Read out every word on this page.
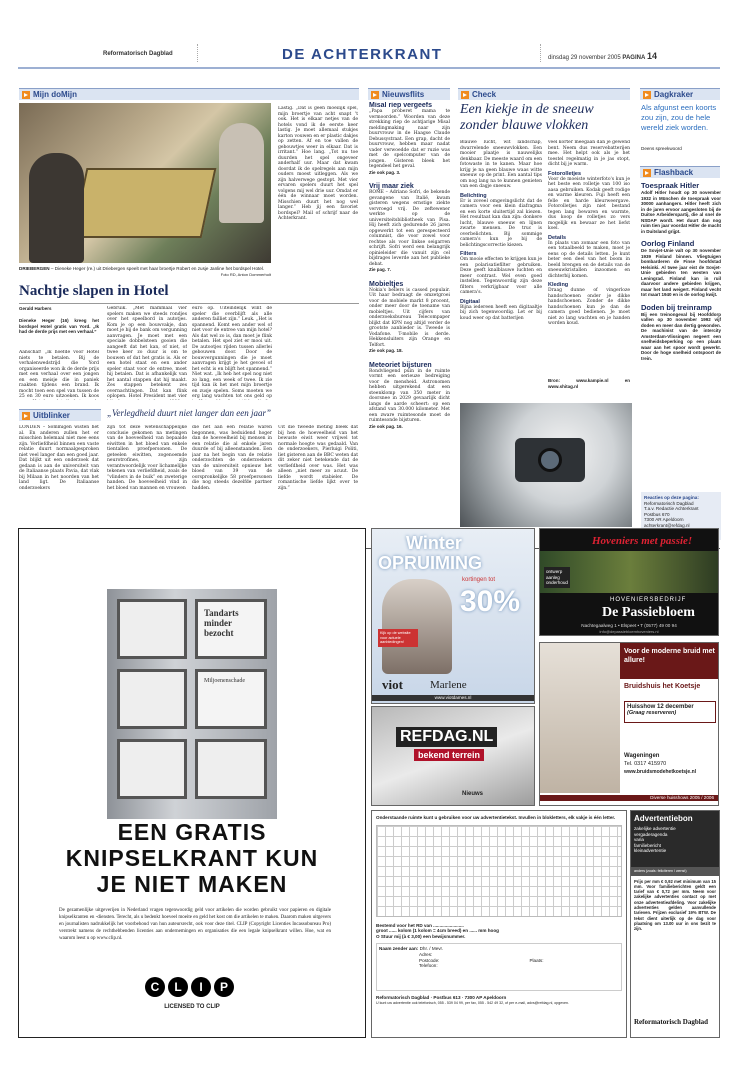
Reformatorisch Dagblad	DE ACHTERKRANT	dinsdag 29 november 2005 PAGINA 14
Mijn doMijn
DRIEBERGEN – Dieneke Heger (re.) uit Driebergen speelt met haar broertje Robert en zusje Janline het bordspel Hotel.
Foto RD, Anton Dommerholt
Nachtje slapen in Hotel
Gerald Harbers
Dieneke Heger (16) kreeg het bordspel Hotel gratis van Yord. „Ik had de derde prijs met een verhaal.”
Aanschaf! „Ik hoefde voor Hotel niets te betalen. Bij de verhalenwedstrijd die Yord organiseerde won ik de derde prijs met een verhaal over een jongen en een meisje die in paniek raakten tijdens een brand. Ik mocht toen een spel van tussen de 25 en 30 euro uitzoeken. Ik koos
Gebruik. „Met mammaal vier spelers maken we steeds rondjes over het speelbord in autotjes. Kom je op een bouwvakje, dan moet je bij de bank om vergunning aanvragen. Je moet met een speciale dobbelsteen gooien die aangeeft dat het kan, of niet, of twee keer zo duur is om te bouwen of dat het gratis is. Als er een hotel staat en een ander speler staat voor de entree, moet hij betalen. Dat is afhankelijk van het aantal stappen dat hij maakt. Zes stappen betekent zes overnachtingen. Dat kan flink oplopen. Hotel President met vier
euro op. Uiteindelijk wint de speler die overblijft als alle anderen failliet zijn.” Leuk. „Het is spannend. Komt een ander wel of niet voor de entree van mijn hotel? Als dat wel zo is, dan moet je flink betalen. Het spel ziet er mooi uit. De autootjes rijden tussen allerlei gebouwen door. Door de bouwvergunningen die je moet aanvragen krijgt je het gevoel of het echt is en blijft het spannend.” Niet wat. „Ik heb het spel nog niet zo lang, een week of twee. Ik zie tijd kan ik het met mijn broertje en zusje spelen. Soms moeten we erg lang wachten tot ons geld op
Lastig. „Dat is geen moeilijk spel, mijn broertje van acht snapt 't ook. Het is elkaar netjes van de hotels vond ik de eerste keer lastig. Je moet allemaal stukjes karton vouwen en er plastic dakjes op zetten. Af en toe vallen de gebouwtjes weer in elkaar. Dat is irritant.” Hoe lang. „Tot nu toe duurden het spel ongeveer anderhalf uur. Maar dat kwam doordat ik de spelregels aan mijn ouders moest uitleggen. Als we zijn halverwege gestopt. Met vier ervaren spelers duurt het spel volgens mij wel drie uur. Omdat er één de winnaar moet worden. Misschien duurt het nog wel langer.” Heb jij een favoriet bordspel? Mail of schrijf naar de Achterkrant.
Nieuwsflits
Misal riep vergeefs
„Papa proberet mama te vermoorden.” Woorden van deze strekking riep de achtjarige Misal meldingmaking naar zijn buurvrouw in de Haagse Claude Debussystraat. Een grap, dacht de buurvrouw, hebben maar nadat vader verwoedde dat er ruzie was met de spelcomputer van de jongen. Gisteren bleek het tegendeel het geval.
Zie ook pag. 3.
Vrij maar ziek
ROME – Adriano Sofri, de bekende gevangene van Italië, kwam gisteren wegens ernstige ziekte vervroegd vrij. De zeftewener werkte op de universiteitsbibliotheek van Pisa. Hij heeft zich gedurende 26 jaren opgewerkt tot een gerespecteerd columnist, die voor zowel voor rechtse als voor linkse seigarren schrijft. Sofri werd een belangrijk opinieleider die vanuit zijn cel bijdrages leverde aan het publieke debat.
Zie pag. 7.
Mobieltjes
Nokia's bellers is cassed populair. Uit haar bedraagt de omzetgroei voor de mobiele markt 8 procent, onder meer door de toename van mobieltjes. Uit cijfers van onderzoeksbureau Telecompaper blijkt dat KPN nog altijd verder de grootste aanbieder is. Tweede is Vodafone. T-mobile is derde. Hekkensluiters zijn Orange en Telfort.
Zie ook pag. 18.
Meteoriet bijsturen
Rondvliegend puin in de ruimte vormt een serieuze bedreiging voor de mensheid. Astronomen hebben uitgerekend dat een steenklomp van 350 meter in doorsnee in 2029 gevaarlijk dicht langs de aarde scheert: op een afstand van 30.000 kilometer. Met een zware ruimtesonde moet de ruimtesonde bijsturen.
Zie ook pag. 16.
Check
Een kiekje in de sneeuw zonder blauwe vlokken
Blauwe lucht, wit landschap, dwarrelende sneeuwvlokken. Een mooier plaatje is nauwelijks denkbaar. De meeste waard om een fotowaste in te kanen. Maar hoe krijg je na geen blauwe waas witte sneeuw op de print. Een aantal tips om nog lang na te kunnen genieten van een dagje sneeuw.
Belichting
Er is zoveel omgevingslicht dat de camera voor een klein diafragma en een korte sluitertijd zal kiezen. Het resultaat kan dan zijn: donkere lucht, blauwe sneeuw en lijnen zwarte mensen. De truc is overbelichten. Bij sommige camera's kun je bij de belichtingscorrectie kiezen.
Filters
Om mooie effecten te krijgen kun je een polarisatiefilter gebruiken. Deze geeft knalblauwe luchten en meer contrast. Wel even goed instellen. Tegenwoordig zijn deze filters verkrijgbaar voor alle camera's.
Digitaal
Bijna iedereen heeft een digitaaltje bij zich tegenwoordig. Let er bij koud weer op dat batterijen
veel korter meegaan dan je gewend bent. Neem dus reservebatterijen mee. Het helpt ook als je het toestel regelmatig in je jas stopt, dicht bij je warm.
Fotorolletjes
Voor de moeiste winterfoto's kun je het beste een rolletje van 100 iso aasa gebruiken. Kodak geeft rodige en warme kleuren. Fuji heeft een felle en harde kleurweergave. Fotorolletjes zijn niet bestand tegen lang bewaren en warmte, dus koop de rolletjes zo vers mogelijk en bewaar ze het liefst koel.
Details
In plaats van zomaar een foto van een totaalbeeld te maken, moet je eens op de details letten. Je kunt beter een deel van het boom in beeld brengen en de details van de sneeuwkristallen inzoomen en dichterbij komen.
Kleding
Draag dunne of vingerloze handschoenen onder je dikke handschoenen. Zonder de dikke handschoenen kun je dan de camera goed bedienen. Je moet niet zo lang wachten en je handen worden koud.
Bron: www.kampie.nl en www.shitag.nl
Uitblinker	„Verlegdheid duurt niet langer dan een jaar”
LONDEN – Sommigen wisten het al. En anderen zullen het er misschien helemaal niet mee eens zijn. Verliefdheid binnen een vaste relatie duurt normaalgesproken niet veel langer dan een goed jaar. Dat blijkt uit een onderzoek dat gedaan is aan de universiteit van de Italiaanse plaats Pavia, dat vlak bij Milaan in het noorden van het land ligt. De Italiaanse onderzoekers
zijn tot deze wetenschappelijke conclusie gekomen na metingen van de hoeveelheid van bepaalde eiwitten in het bloed van enkele tientallen proefpersonen. De geteelen eiwitten, zogenoemde neurotrofines, zijn verantwoordelijk voor lichamelijke tekenen van verliefdheid, zoals de “vlinders in de buik” en zweterige handen. De hoeveelheid vind in het bloed van mannen en vrouwen
die net aan een relatie waren begonnen, was beduidend hoger dan de hoeveelheid bij mensen in een relatie die al enkele jaren duurde of bij alleenstaanden. Een jaar na het begin van de relatie onderzochten de onderzoekers van de universiteit opnieuw het bloed van 39 van de oorspronkelijke 58 proefpersonen die nog steeds dezelfde partner hadden.
Uit die tweede meting bleek dat bij hen de hoeveelheid van het bewuste eiwit weer vrijwel tot normale hoogte was gedaald. Van de onderzoekers, Pierluigi Politi, liet gisteren aan de BBC weten dat dit zeker niet betekende dat de verliefdheid over was. Het was alleen „niet meer zo acuut. De liefde wordt stabieler. De romantische liefde lijkt over te zijn.”
Dagkraker
Als afgunst een koorts zou zijn, zou de hele wereld ziek worden.
Deens spreekwoord
Flashback
Toespraak Hitler
Adolf Hitler houdt op 30 november 1932 in München de toespraak voor 30000 aanhangers. Hitler heeft zich in de jaren ervoor aangesloten bij de Duitse Arbeiderspartij, die al snel de NSDAP wordt. Het duurt dan nog ruim tien jaar voordat Hitler de macht in Duitsland grijpt.
Oorlog Finland
De Sovjet-Unie valt op 30 november 1939 Finland binnen. Vliegtuigen bombarderen de Finse hoofdstad Helsinki. Al twee jaar eist de Sovjet-Unie gebieden ten westen van Leningrad. Finland kan in ruil daarvoor andere gebieden krijgen, maar het land weigert. Finland vecht tot maart 1940 en is de oorlog kwijt.
Doden bij treinramp
Bij een treinongeval bij Hoofddorp vallen op 30 november 1992 vijf doden en meer dan dertig gewonden. De machinist van de intercity Amsterdam-Vlissingen negeert een snelheidsbeperking op een plaats waar aan het spoor wordt gewerkt. Door de hoge snelheid ontspoort de trein.
Reacties op deze pagina:
Reformatorisch Dagblad
T.a.v. Redactie Achterkrant
Postbus 670
7300 AR Apeldoorn
achterkrant@refdag.nl
Tandarts minder bezocht
Miljoenenschade
EEN GRATIS
KNIPSELKRANT KUN
JE NIET MAKEN
De gezamenlijke uitgeverijen in Nederland vragen tegenwoordig geld voor artikelen die worden gebruikt voor papieren en digitale knipselkranten en -diensten. Terecht, als u bedenkt hoeveel moeite en geld het kost om die artikelen te maken. Daarom maken uitgevers en journalisten nadrukkelijk het voorbehoud van hun auteursrecht, ook voor deze titel. CLIP (Copyright Licenties Incassobureau Pro) verstrekt namens de rechthebbenden licenties aan ondernemingen en organisaties die een legale knipselkrant willen. Hoe, wat en waarom leest u op www.clip.nl.
C	L	I	P
LICENSED TO CLIP
Winter
OPRUIMING
kortingen tot
30%
Kijk op de website voor actuele aanbiedingen!
viot Marlene
www.viotdames.nl
Hoveniers met passie!
ontwerp
aanleg
onderhoud
HOVENIERSBEDRIJF
De Passiebloem
Nachtegaalweg 1 • Elspeet • T (0577) 49 00 94
info@depassiebloemhoveniers.nl
Voor de moderne bruid met allure!
Bruidshuis het Koetsje
Huisshow 12 december
(Graag reserveren)
Wageningen
Tel. 0317 415970
www.bruidsmodehetkoetsje.nl
Diverse huisshows 2005 / 2006
REFDAG.NL
bekend terrein
Nieuws
Onderstaande ruimte kunt u gebruiken voor uw advertentietekst. Invullen in blokletters, elk vakje is één letter.
Bestemd voor het RD van ........................
groot ...... kolom (1 kolom = 4cm breed) en ...... mm hoog
O Stuur mij (à € 3,00) een bewijsnummer.
Naam zender aan: Dhr. / Mevr.
Adres:
Postcode:	Plaats:
Telefoon:
Reformatorisch Dagblad · Postbus 613 · 7300 AP Apeldoorn
U kunt uw advertentie ook telefonisch, 055 - 539 04 99, per fax, 055 - 542 49 32, of per e-mail, advs@refdag.nl, opgeven.
Advertentiebon
zakelijke advertentie
vergaderagenda
varia
familiebericht
kleinadvertentie
anders (zoals: feliciteren / wenst)
Prijs per mm € 0,92 met minimum van 15 mm. Voor familieberichten geldt een tarief van € 0,72 per mm. Neem voor zakelijke advertenties contact op met onze advertentieafdeling. Voor zakelijke advertenties gelden aanvullende tarieven. Prijzen exclusief 19% BTW. De tekst dient uiterlijk op de dag voor plaatsing om 13.00 uur in ons bezit te zijn.
Reformatorisch Dagblad
